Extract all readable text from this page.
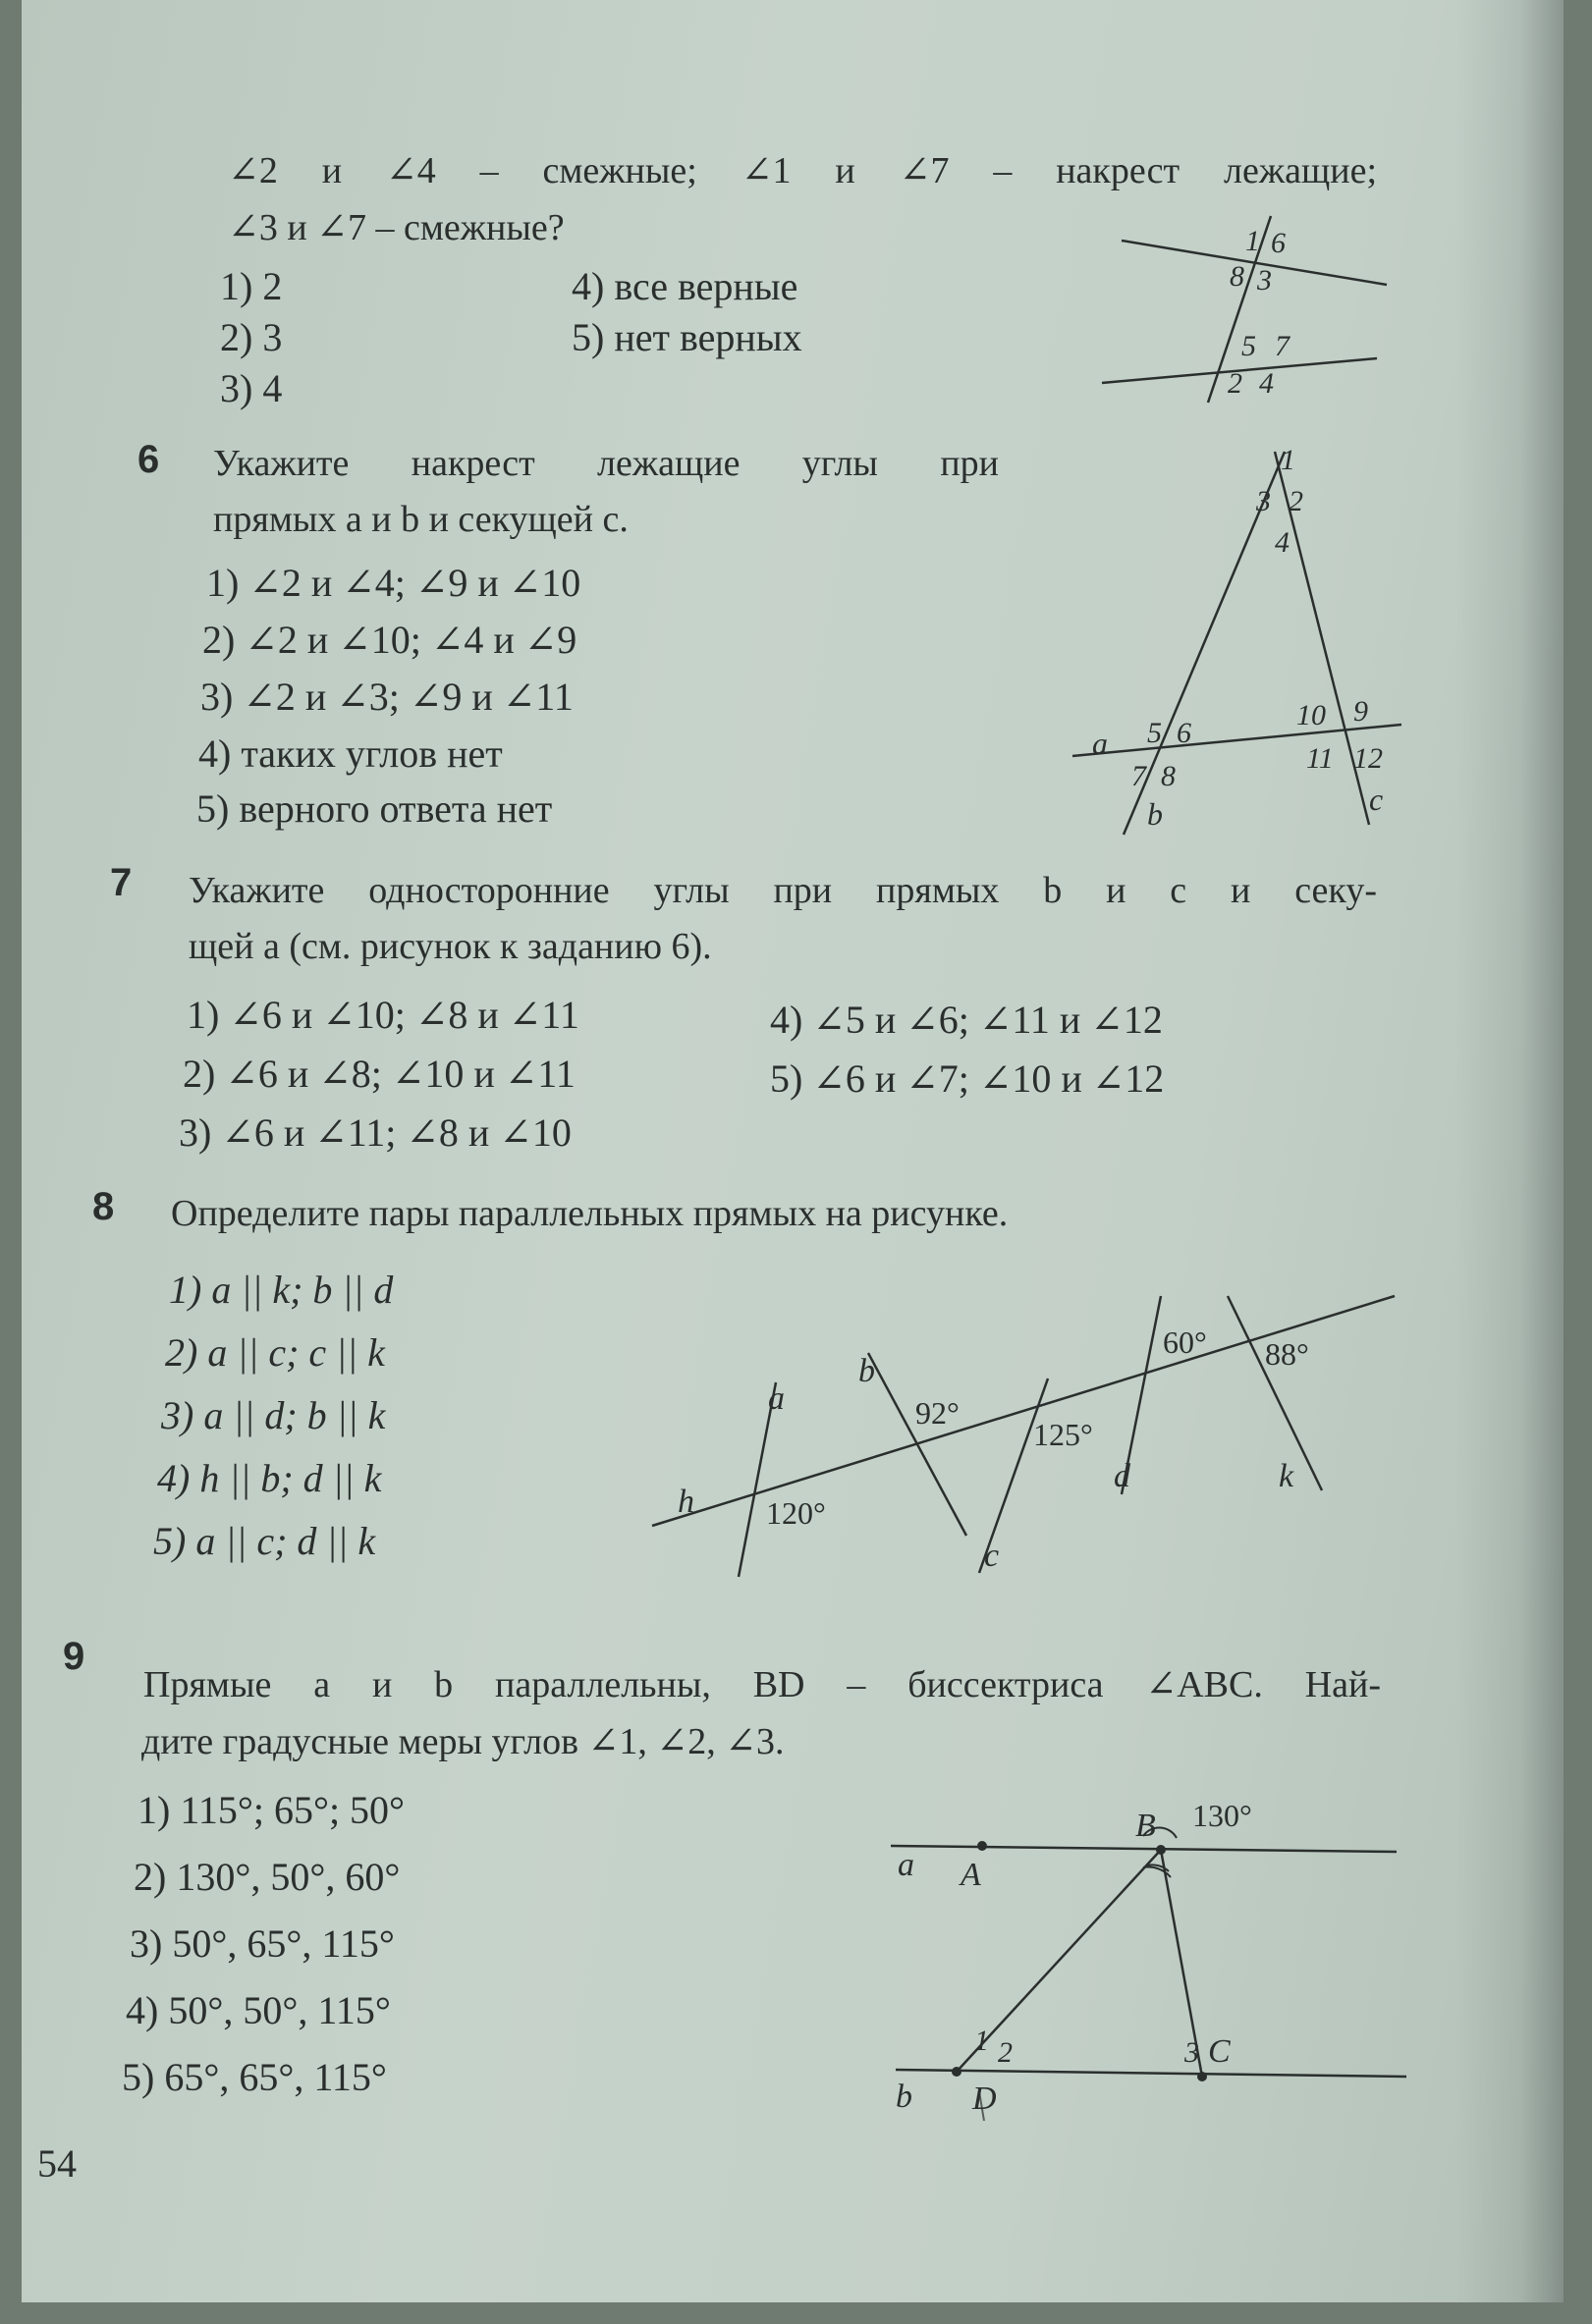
∠2 и ∠4 – смежные; ∠1 и ∠7 – накрест лежащие;
∠3 и ∠7 – смежные?
1) 2
2) 3
3) 4
4) все верные
5) нет верных
1 6
8 3
5 7
2 4
6 Укажите накрест лежащие углы при
прямых a и b и секущей c.
1) ∠2 и ∠4; ∠9 и ∠10
2) ∠2 и ∠10; ∠4 и ∠9
3) ∠2 и ∠3; ∠9 и ∠11
4) таких углов нет
5) верного ответа нет
1
3 2
4
a 5 6
7 8
b
10 9
11 12
c
7 Укажите односторонние углы при прямых b и c и секу-
щей a (см. рисунок к заданию 6).
1) ∠6 и ∠10; ∠8 и ∠11
2) ∠6 и ∠8; ∠10 и ∠11
3) ∠6 и ∠11; ∠8 и ∠10
4) ∠5 и ∠6; ∠11 и ∠12
5) ∠6 и ∠7; ∠10 и ∠12
8 Определите пары параллельных прямых на рисунке.
1) a || k; b || d
2) a || c; c || k
3) a || d; b || k
4) h || b; d || k
5) a || c; d || k
a
b
h
c
d	k
120°
92°
125°
60° 88°
9
Прямые a и b параллельны, BD – биссектриса ∠ABC. Най-
дите градусные меры углов ∠1, ∠2, ∠3.
1) 115°; 65°; 50°
2) 130°, 50°, 60°
3) 50°, 65°, 115°
4) 50°, 50°, 115°
5) 65°, 65°, 115°
a A
B 130°
1 2	3 C
b D
54
